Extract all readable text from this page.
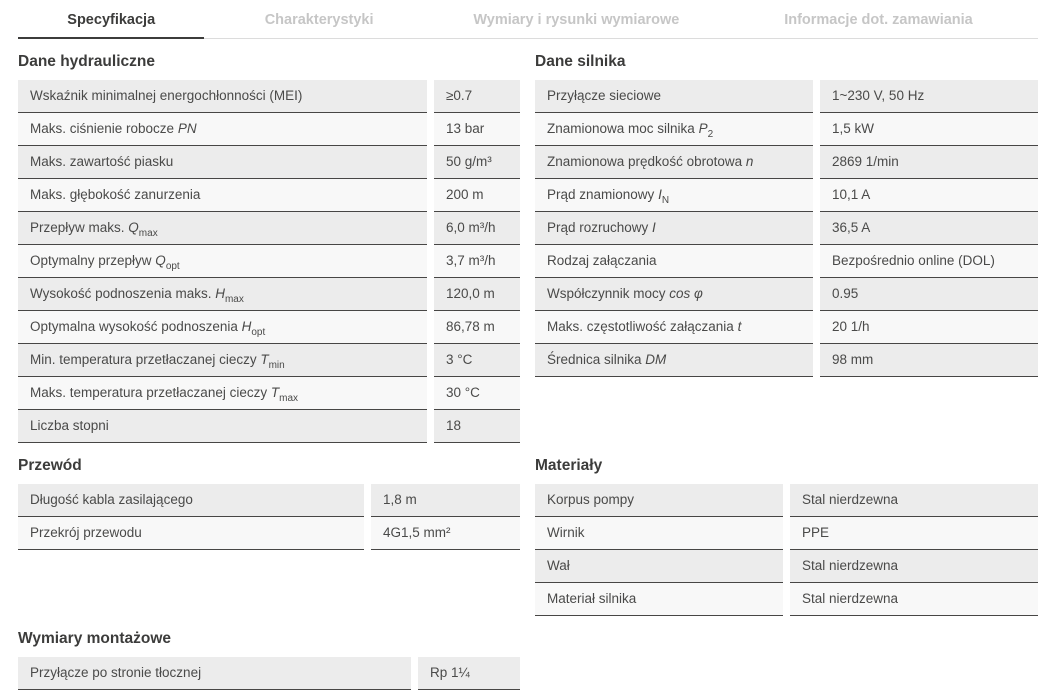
Specyfikacja	Charakterystyki	Wymiary i rysunki wymiarowe	Informacje dot. zamawiania
Dane hydrauliczne
Wskaźnik minimalnej energochłonności (MEI)	≥0.7
Maks. ciśnienie robocze PN	13 bar
Maks. zawartość piasku	50 g/m³
Maks. głębokość zanurzenia	200 m
Przepływ maks. $Q_{max}$	6,0 m³/h
Optymalny przepływ $Q_{opt}$	3,7 m³/h
Wysokość podnoszenia maks. $H_{max}$	120,0 m
Optymalna wysokość podnoszenia $H_{opt}$	86,78 m
Min. temperatura przetłaczanej cieczy $T_{min}$	3 °C
Maks. temperatura przetłaczanej cieczy $T_{max}$	30 °C
Liczba stopni	18
Dane silnika
Przyłącze sieciowe	1~230 V, 50 Hz
Znamionowa moc silnika $P_2$	1,5 kW
Znamionowa prędkość obrotowa n	2869 1/min
Prąd znamionowy $I_N$	10,1 A
Prąd rozruchowy I	36,5 A
Rodzaj załączania	Bezpośrednio online (DOL)
Współczynnik mocy cos φ	0.95
Maks. częstotliwość załączania t	20 1/h
Średnica silnika DM	98 mm
Przewód
Długość kabla zasilającego	1,8 m
Przekrój przewodu	4G1,5 mm²
Materiały
Korpus pompy	Stal nierdzewna
Wirnik	PPE
Wał	Stal nierdzewna
Materiał silnika	Stal nierdzewna
Wymiary montażowe
Przyłącze po stronie tłocznej	Rp 1¼
